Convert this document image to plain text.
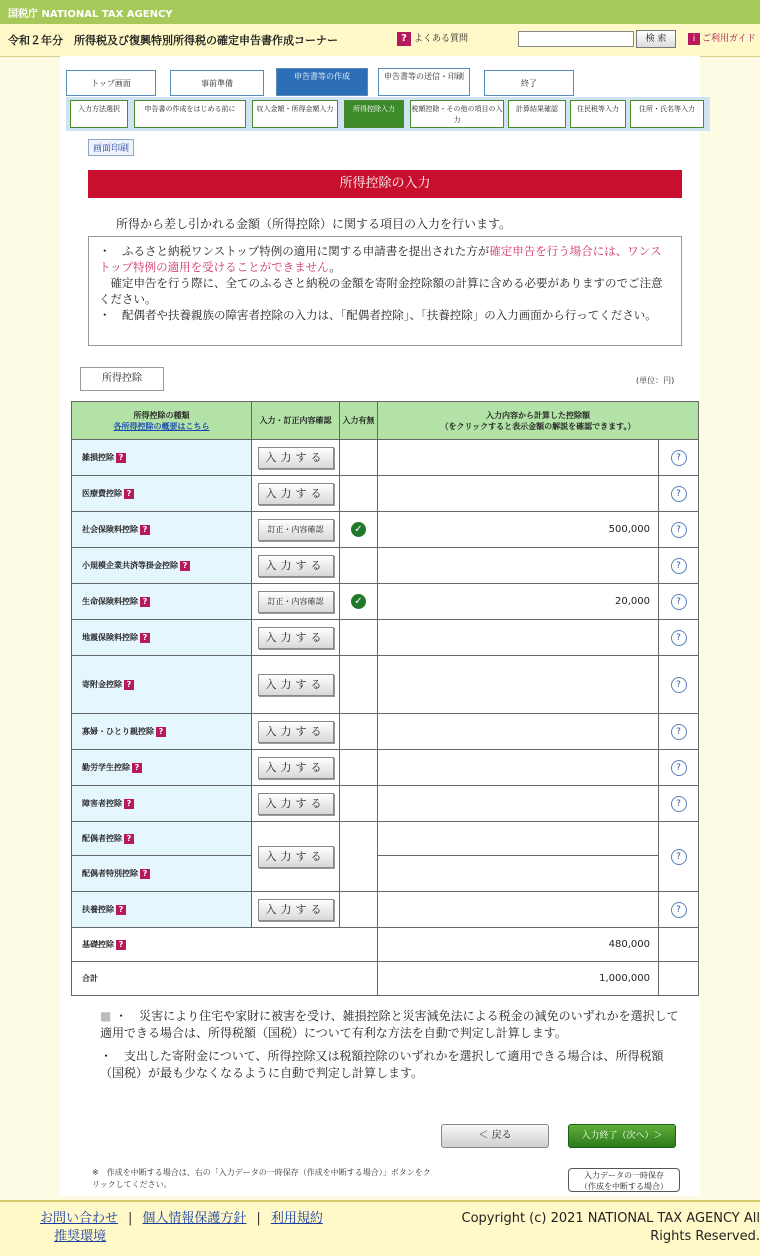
国税庁 NATIONAL TAX AGENCY
令和２年分　所得税及び復興特別所得税の確定申告書作成コーナー	? よくある質問	検 索	i ご利用ガイド
トップ画面	事前準備
申告書等の作成	申告書等の送信・印刷
終了
入力方法選択	申告書の作成をはじめる前に	収入金額・所得金額入力	所得控除入力	税額控除・その他の項目の入力
計算結果確認	住民税等入力	住所・氏名等入力
画面印刷
所得控除の入力
所得から差し引かれる金額（所得控除）に関する項目の入力を行います。
・　ふるさと納税ワンストップ特例の適用に関する申請書を提出された方が確定申告を行う場合には、ワンストップ特例の適用を受けることができません。
　確定申告を行う際に、全てのふるさと納税の金額を寄附金控除額の計算に含める必要がありますのでご注意ください。
・　配偶者や扶養親族の障害者控除の入力は、「配偶者控除」、「扶養控除」の入力画面から行ってください。
所得控除	(単位：円)
所得控除の種類
各所得控除の概要はこちら	入力・訂正内容確認	入力有無	入力内容から計算した控除額
（をクリックすると表示金額の解説を確認できます。）	
雑損控除 ?	入力する			?
医療費控除 ?	入力する			?
社会保険料控除 ?	訂正・内容確認	✓	500,000	?
小規模企業共済等掛金控除 ?	入力する			?
生命保険料控除 ?	訂正・内容確認	✓	20,000	?
地震保険料控除 ?	入力する			?
寄附金控除 ?	入力する			?
寡婦・ひとり親控除 ?	入力する			?
勤労学生控除 ?	入力する			?
障害者控除 ?	入力する			?
配偶者控除 ?	入力する			?
配偶者特別控除 ?				
扶養控除 ?	入力する			?
基礎控除 ?			480,000	
合計			1,000,000	
■ ・　災害により住宅や家財に被害を受け、雑損控除と災害減免法による税金の減免のいずれかを選択して適用できる場合は、所得税額（国税）について有利な方法を自動で判定し計算します。
・　支出した寄附金について、所得控除又は税額控除のいずれかを選択して適用できる場合は、所得税額（国税）が最も少なくなるように自動で判定し計算します。
＜ 戻る	入力終了（次へ）＞
※　作成を中断する場合は、右の「入力データの一時保存（作成を中断する場合）」ボタンをクリックしてください。
入力データの一時保存
（作成を中断する場合）
お問い合わせ | 個人情報保護方針 | 利用規約
推奨環境
Copyright (c) 2021 NATIONAL TAX AGENCY All
Rights Reserved.
